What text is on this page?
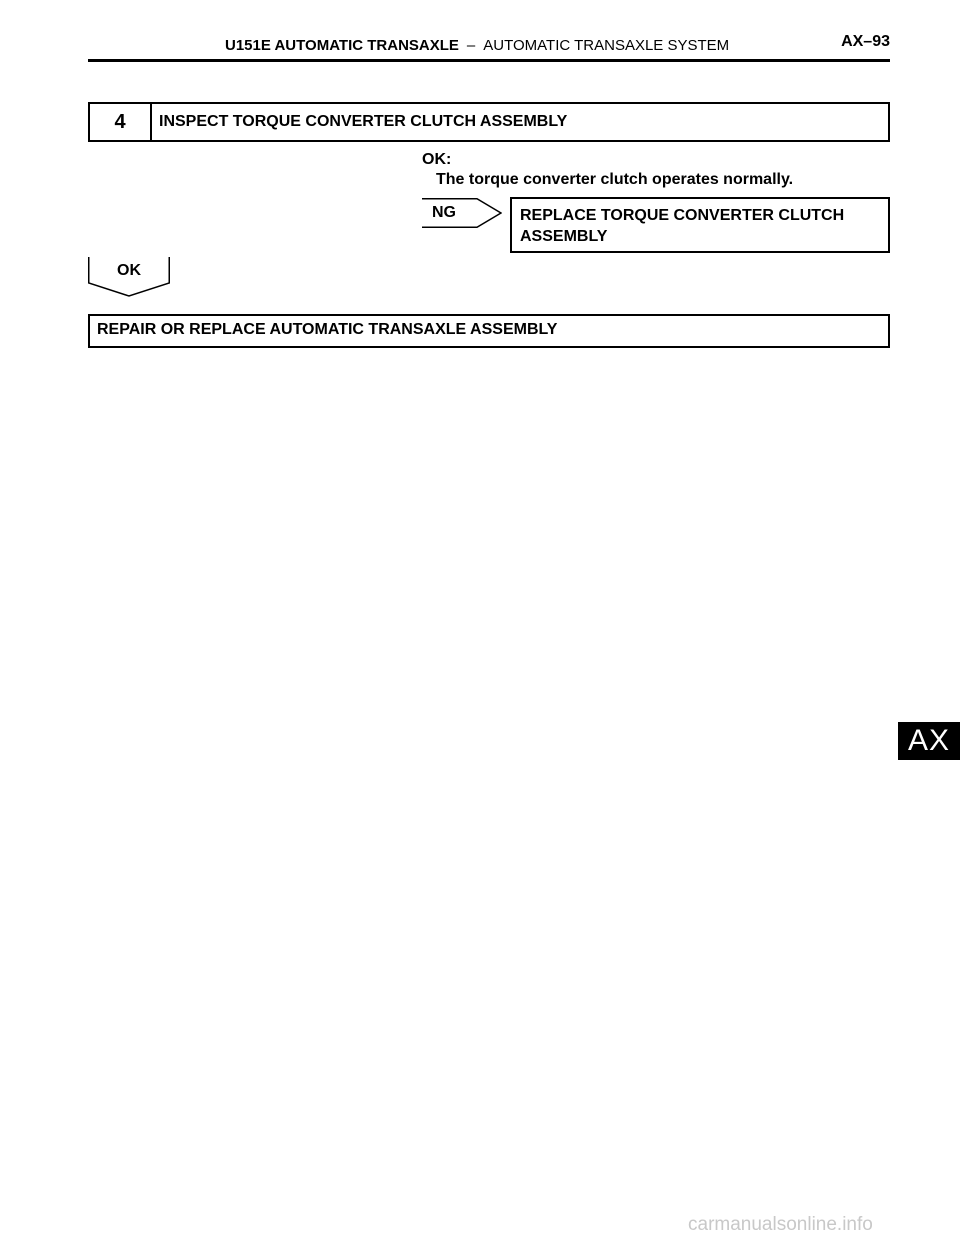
U151E AUTOMATIC TRANSAXLE – AUTOMATIC TRANSAXLE SYSTEM	AX–93
4	INSPECT TORQUE CONVERTER CLUTCH ASSEMBLY
OK:
The torque converter clutch operates normally.
NG	REPLACE TORQUE CONVERTER CLUTCH
ASSEMBLY
OK
REPAIR OR REPLACE AUTOMATIC TRANSAXLE ASSEMBLY
AX
carmanualsonline.info
